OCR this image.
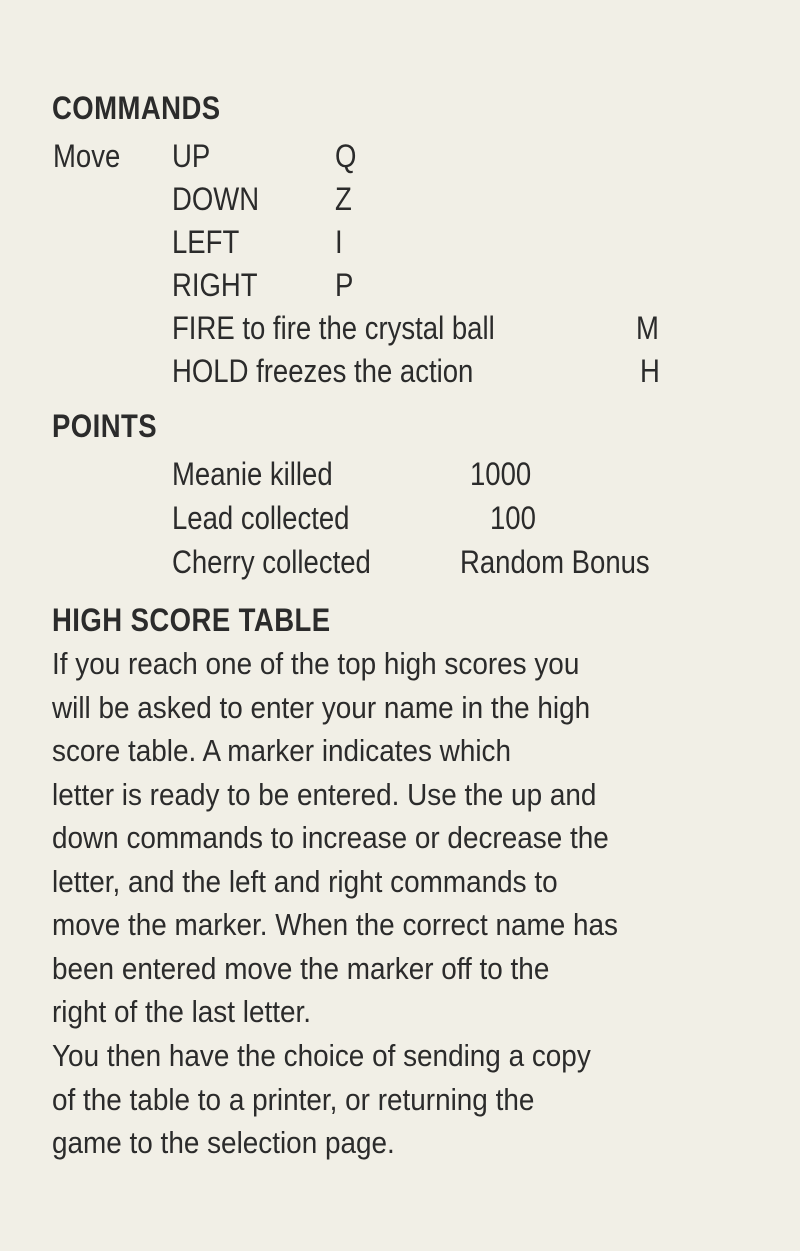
COMMANDS
Move UP	Q
DOWN Z
LEFT	I
RIGHT P
FIRE to fire the crystal ball	M
HOLD freezes the action	H
POINTS
Meanie killed	1000
Lead collected	100
Cherry collected	Random Bonus
HIGH SCORE TABLE
If you reach one of the top high scores you
will be asked to enter your name in the high
score table. A marker indicates which
letter is ready to be entered. Use the up and
down commands to increase or decrease the
letter, and the left and right commands to
move the marker. When the correct name has
been entered move the marker off to the
right of the last letter.
You then have the choice of sending a copy
of the table to a printer, or returning the
game to the selection page.
